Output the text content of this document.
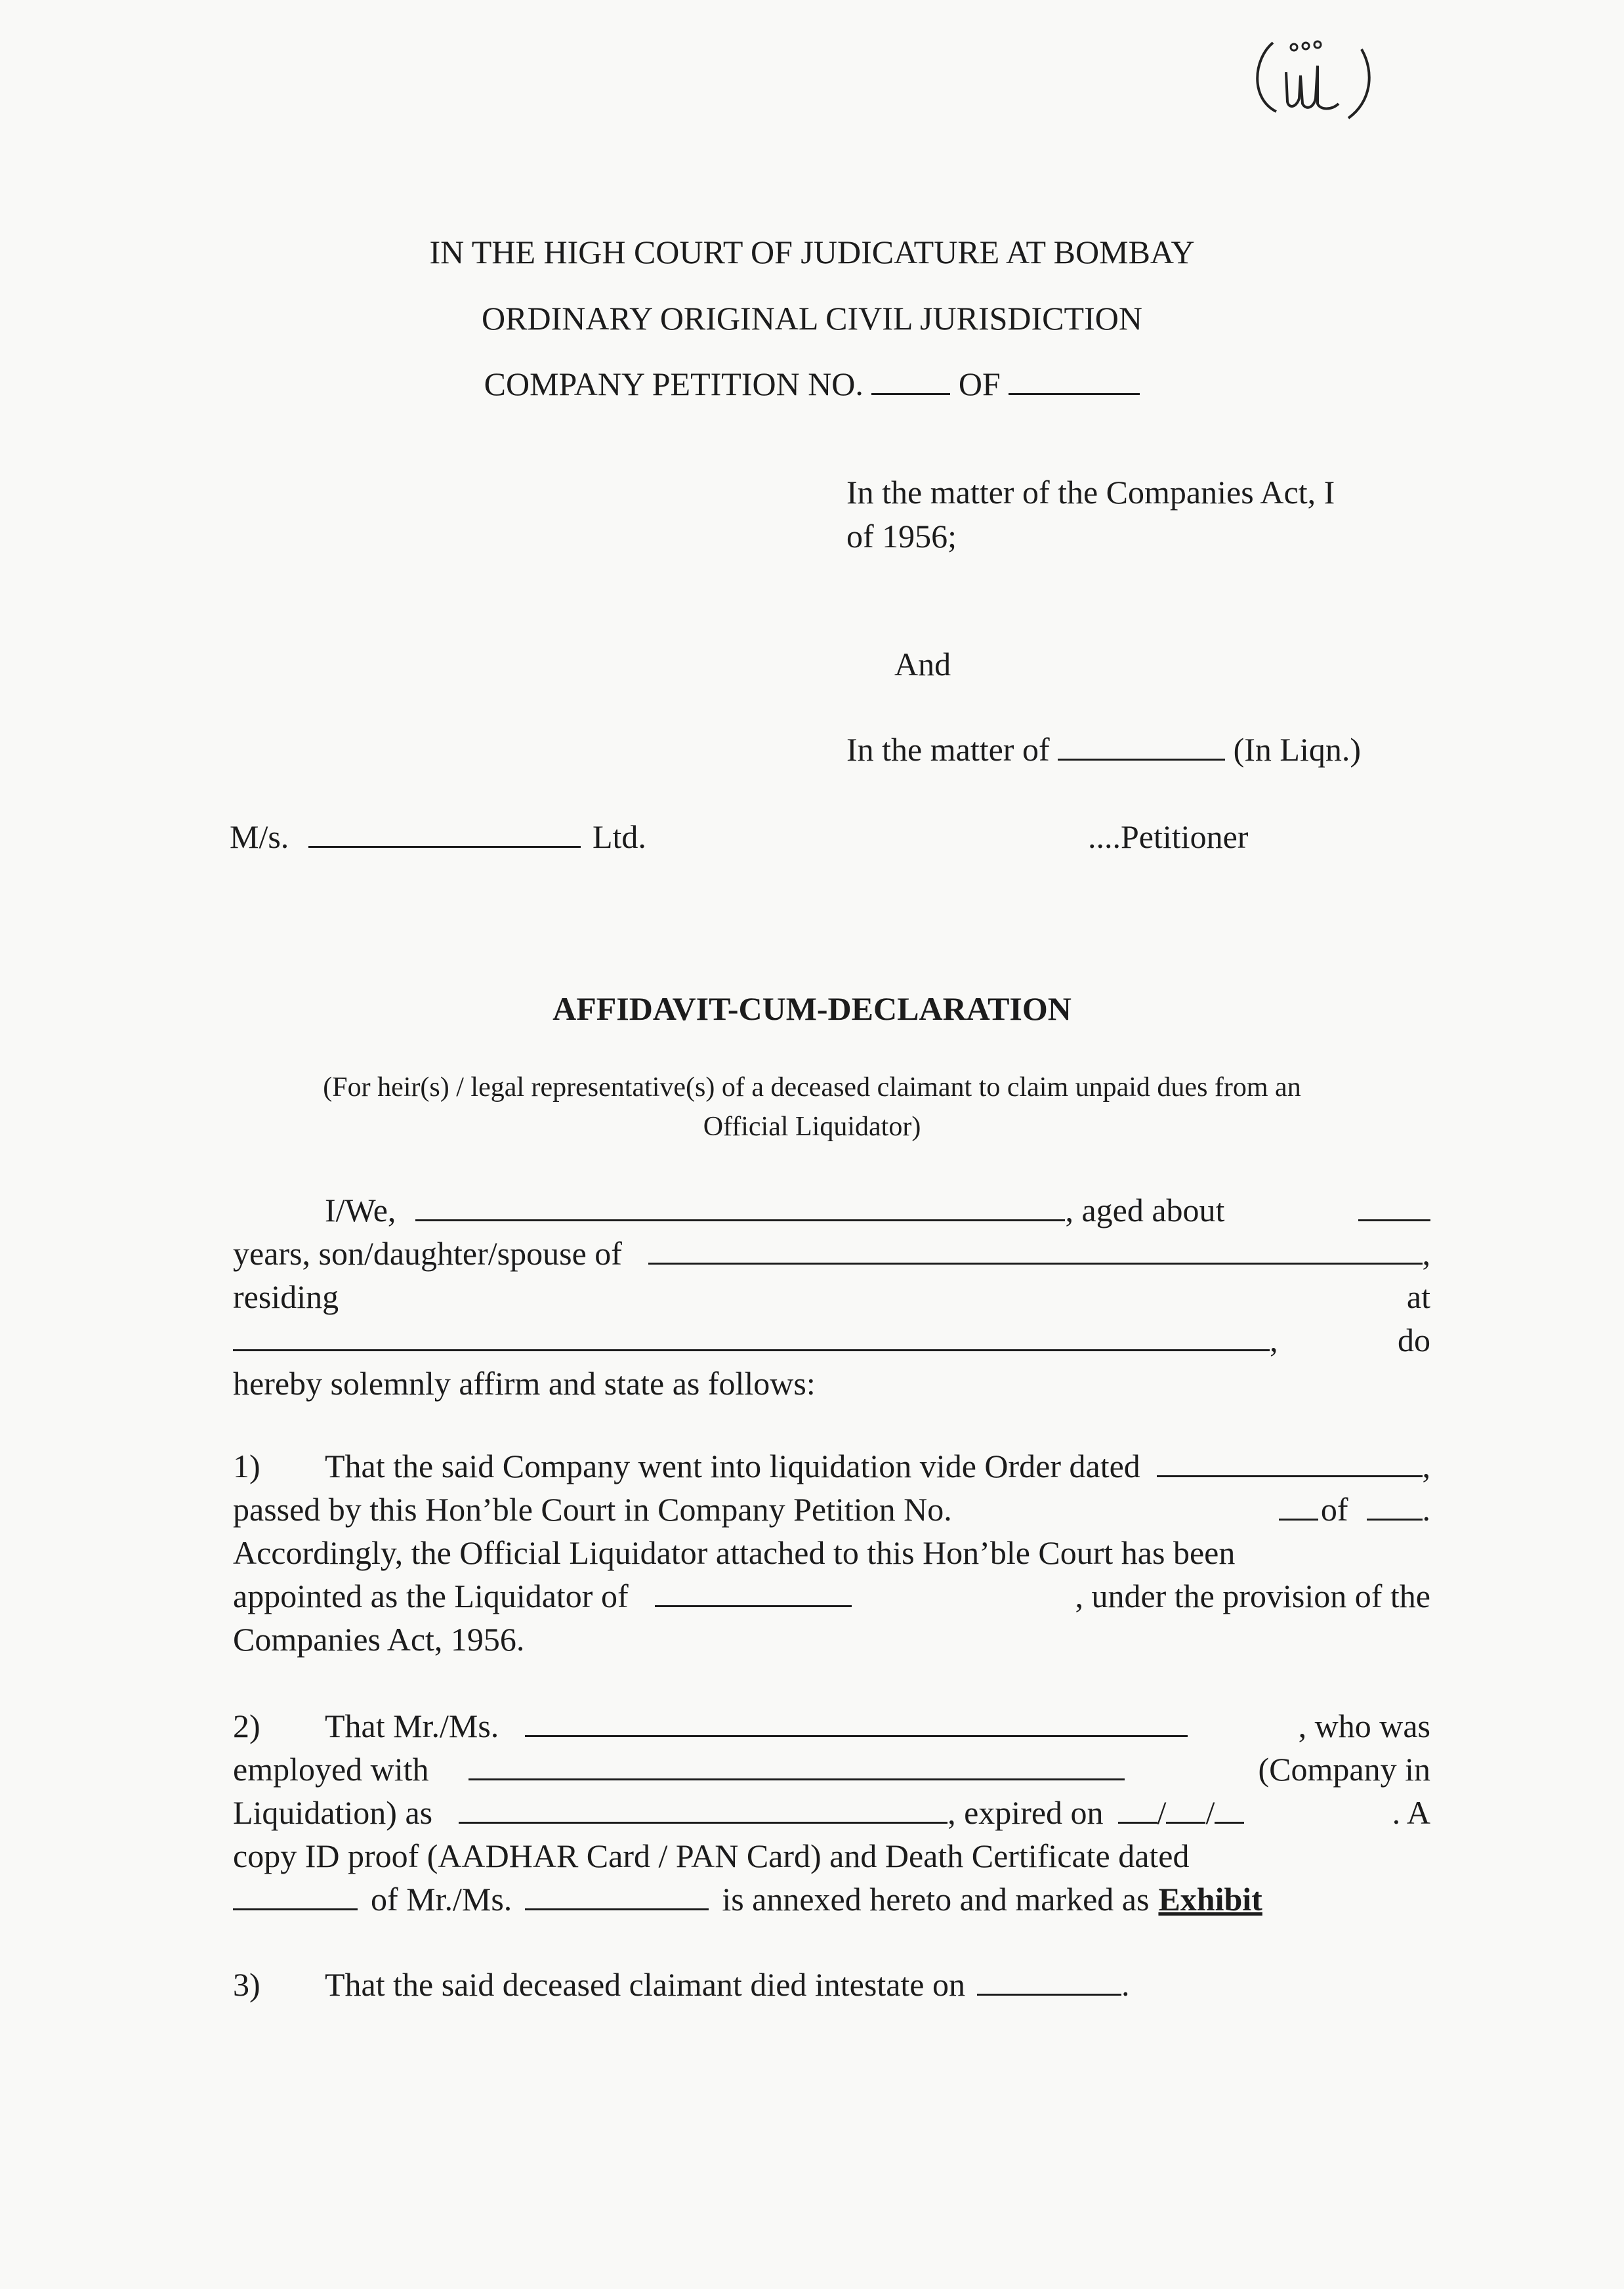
IN THE HIGH COURT OF JUDICATURE AT BOMBAY
ORDINARY ORIGINAL CIVIL JURISDICTION
COMPANY PETITION NO.	OF
In the matter of the Companies Act, I
of 1956;
And
In the matter of	(In Liqn.)
M/s.	Ltd.	....Petitioner
AFFIDAVIT-CUM-DECLARATION
(For heir(s) / legal representative(s) of a deceased claimant to claim unpaid dues from an
Official Liquidator)
I/We,	, aged about
years, son/daughter/spouse of	,
residing	at
,	do
hereby solemnly affirm and state as follows:
1)	That the said Company went into liquidation vide Order dated	,
passed by this Hon’ble Court in Company Petition No.	of .
Accordingly, the Official Liquidator attached to this Hon’ble Court has been
appointed as the Liquidator of	, under the provision of the
Companies Act, 1956.
2)	That Mr./Ms.	, who was
employed with	(Company in
Liquidation) as	, expired on / /	. A
copy ID proof (AADHAR Card / PAN Card) and Death Certificate dated
of Mr./Ms.	is annexed hereto and marked as Exhibit
3)	That the said deceased claimant died intestate on	.
